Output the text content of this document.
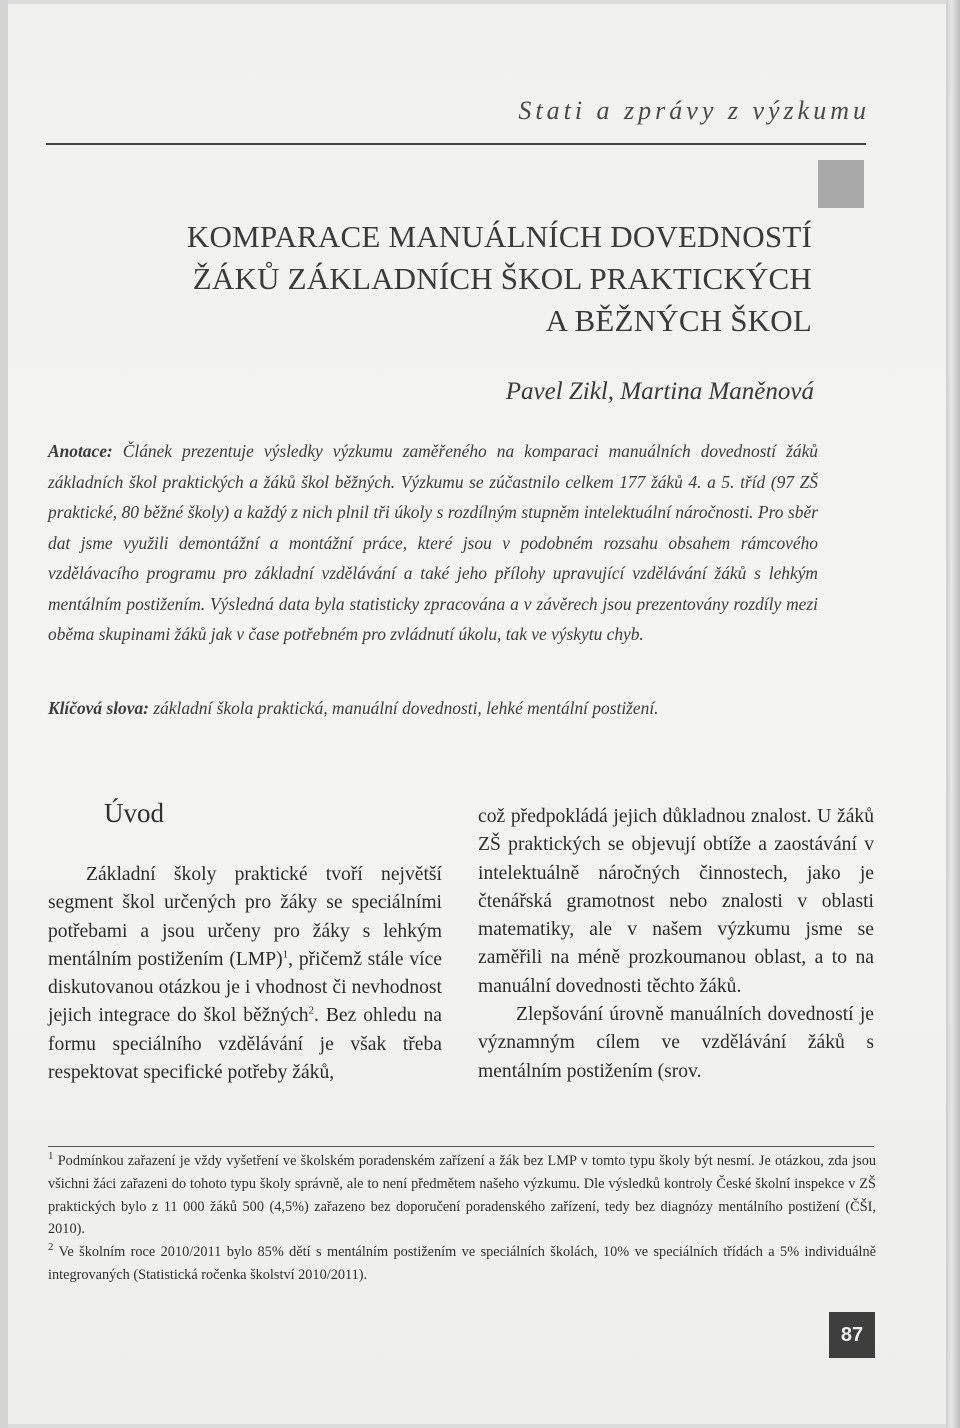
Stati a zprávy z výzkumu
KOMPARACE MANUÁLNÍCH DOVEDNOSTÍ
ŽÁKŮ ZÁKLADNÍCH ŠKOL PRAKTICKÝCH
A BĚŽNÝCH ŠKOL
Pavel Zikl, Martina Maněnová
Anotace: Článek prezentuje výsledky výzkumu zaměřeného na komparaci manuálních dovedností žáků základních škol praktických a žáků škol běžných. Výzkumu se zúčastnilo celkem 177 žáků 4. a 5. tříd (97 ZŠ praktické, 80 běžné školy) a každý z nich plnil tři úkoly s rozdílným stupněm intelektuální náročnosti. Pro sběr dat jsme využili demontážní a montážní práce, které jsou v podobném rozsahu obsahem rámcového vzdělávacího programu pro základní vzdělávání a také jeho přílohy upravující vzdělávání žáků s lehkým mentálním postižením. Výsledná data byla statisticky zpracována a v závěrech jsou prezentovány rozdíly mezi oběma skupinami žáků jak v čase potřebném pro zvládnutí úkolu, tak ve výskytu chyb.
Klíčová slova: základní škola praktická, manuální dovednosti, lehké mentální postižení.
Úvod

Základní školy praktické tvoří největší segment škol určených pro žáky se speciálními potřebami a jsou určeny pro žáky s lehkým mentálním postižením (LMP)$^1$, přičemž stále více diskutovanou otázkou je i vhodnost či nevhodnost jejich integrace do škol běžných$^2$. Bez ohledu na formu speciálního vzdělávání je však třeba respektovat specifické potřeby žáků,

což předpokládá jejich důkladnou znalost. U žáků ZŠ praktických se objevují obtíže a zaostávání v intelektuálně náročných činnostech, jako je čtenářská gramotnost nebo znalosti v oblasti matematiky, ale v našem výzkumu jsme se zaměřili na méně prozkoumanou oblast, a to na manuální dovednosti těchto žáků.

Zlepšování úrovně manuálních dovedností je významným cílem ve vzdělávání žáků s mentálním postižením (srov.

$^1$ Podmínkou zařazení je vždy vyšetření ve školském poradenském zařízení a žák bez LMP v tomto typu školy být nesmí. Je otázkou, zda jsou všichni žáci zařazeni do tohoto typu školy správně, ale to není předmětem našeho výzkumu. Dle výsledků kontroly České školní inspekce v ZŠ praktických bylo z 11 000 žáků 500 (4,5%) zařazeno bez doporučení poradenského zařízení, tedy bez diagnózy mentálního postižení (ČŠI, 2010).

$^2$ Ve školním roce 2010/2011 bylo 85% dětí s mentálním postižením ve speciálních školách, 10% ve speciálních třídách a 5% individuálně integrovaných (Statistická ročenka školství 2010/2011).

87
